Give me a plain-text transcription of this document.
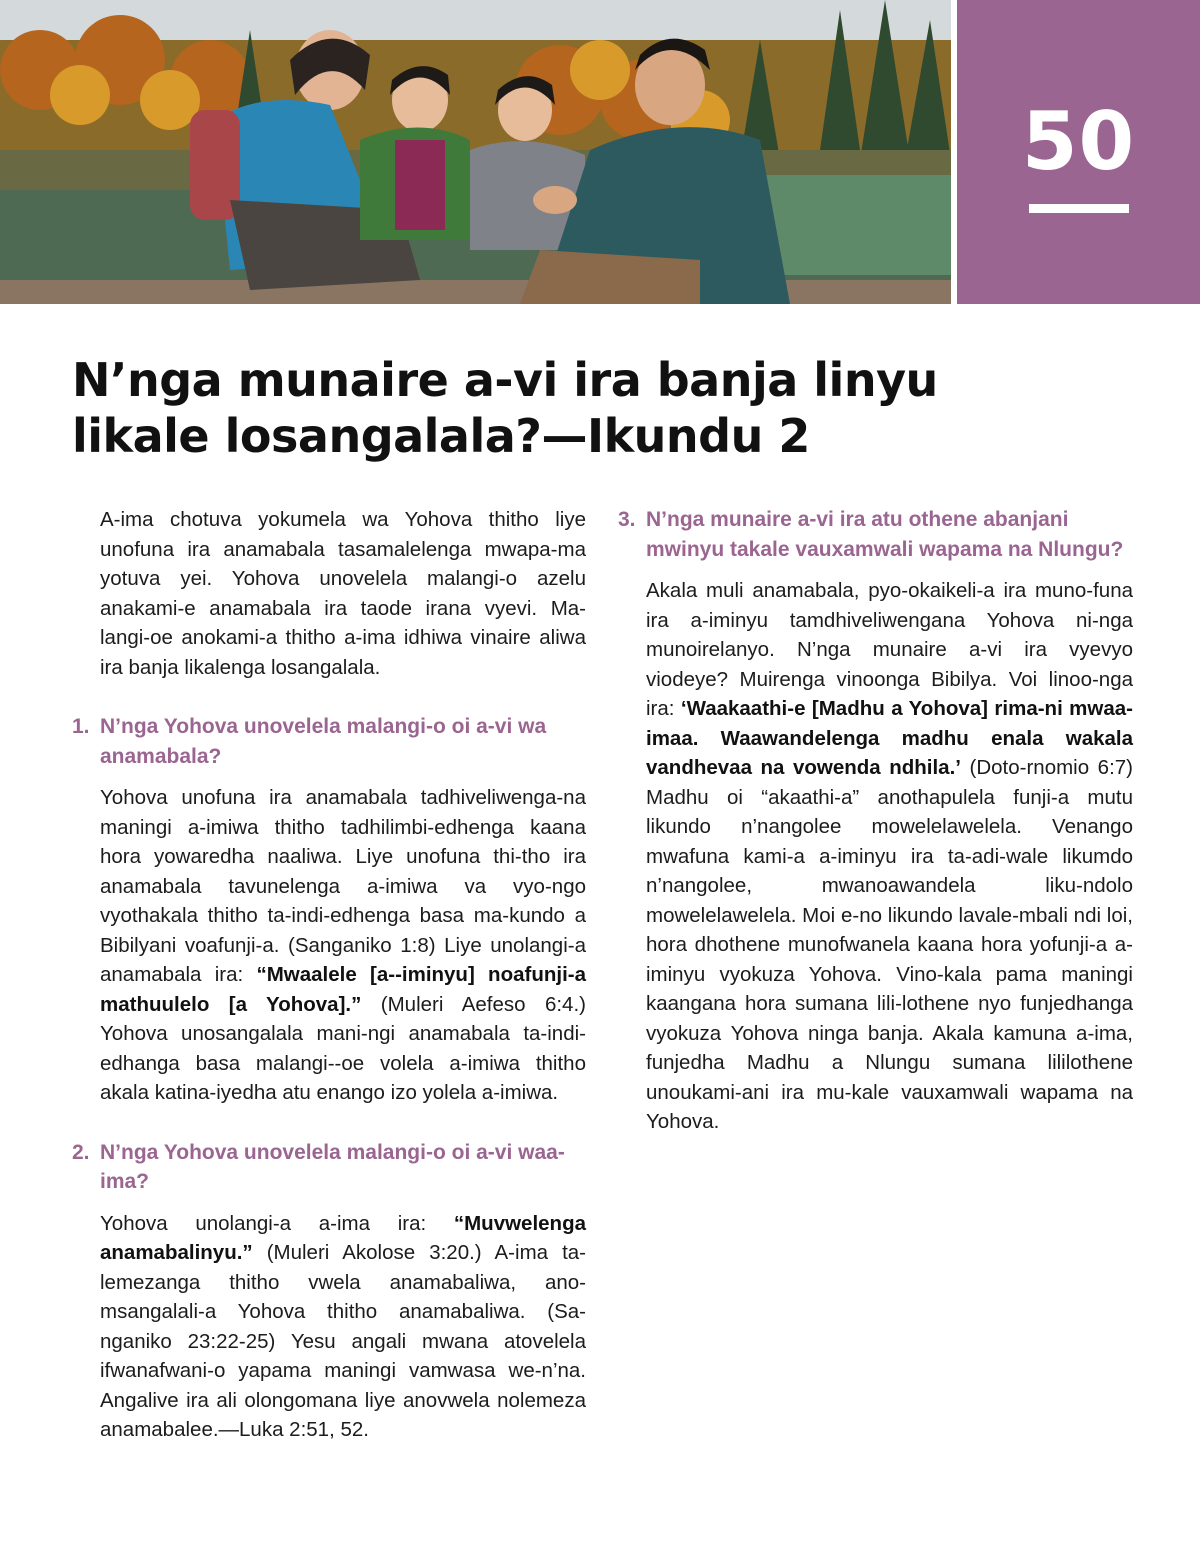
50
N’nga munaire a-vi ira banja linyu
likale losangalala?—Ikundu 2

A-ima chotuva yokumela wa Yohova thitho liye unofuna ira anamabala tasamalelenga mwapa-ma yotuva yei. Yohova unovelela malangi-o azelu anakami-e anamabala ira taode irana vyevi. Ma-langi-oe anokami-a thitho a-ima idhiwa vinaire aliwa ira banja likalenga losangalala.

1. N’nga Yohova unovelela malangi-o oi a-vi wa anamabala?

Yohova unofuna ira anamabala tadhiveliwenga-na maningi a-imiwa thitho tadhilimbi-edhenga kaana hora yowaredha naaliwa. Liye unofuna thi-tho ira anamabala tavunelenga a-imiwa va vyo-ngo vyothakala thitho ta-indi-edhenga basa ma-kundo a Bibilyani voafunji-a. (Sanganiko 1:8) Liye unolangi-a anamabala ira: “Mwaalele [a--iminyu] noafunji-a mathuulelo [a Yohova].” (Muleri Aefeso 6:4.) Yohova unosangalala mani-ngi anamabala ta-indi-edhanga basa malangi--oe volela a-imiwa thitho akala katina-iyedha atu enango izo yolela a-imiwa.

2. N’nga Yohova unovelela malangi-o oi a-vi waa-ima?

Yohova unolangi-a a-ima ira: “Muvwelenga anamabalinyu.” (Muleri Akolose 3:20.) A-ima ta-lemezanga thitho vwela anamabaliwa, ano-msangalali-a Yohova thitho anamabaliwa. (Sa-nganiko 23:22-25) Yesu angali mwana atovelela ifwanafwani-o yapama maningi vamwasa we-n’na. Angalive ira ali olongomana liye anovwela nolemeza anamabalee.—Luka 2:51, 52.

3. N’nga munaire a-vi ira atu othene abanjani mwinyu takale vauxamwali wapama na Nlungu?

Akala muli anamabala, pyo-okaikeli-a ira muno-funa ira a-iminyu tamdhiveliwengana Yohova ni-nga munoirelanyo. N’nga munaire a-vi ira vyevyo viodeye? Muirenga vinoonga Bibilya. Voi linoo-nga ira: ‘Waakaathi-e [Madhu a Yohova] rima-ni mwaa-imaa. Waawandelenga madhu enala wakala vandhevaa na vowenda ndhila.’ (Doto-rnomio 6:7) Madhu oi “akaathi-a” anothapulela funji-a mutu likundo n’nangolee mowelelawelela. Venango mwafuna kami-a a-iminyu ira ta-adi-wale likumdo n’nangolee, mwanoawandela liku-ndolo mowelelawelela. Moi e-no likundo lavale-mbali ndi loi, hora dhothene munofwanela kaana hora yofunji-a a-iminyu vyokuza Yohova. Vino-kala pama maningi kaangana hora sumana lili-lothene nyo funjedhanga vyokuza Yohova ninga banja. Akala kamuna a-ima, funjedha Madhu a Nlungu sumana lililothene unoukami-ani ira mu-kale vauxamwali wapama na Yohova.
